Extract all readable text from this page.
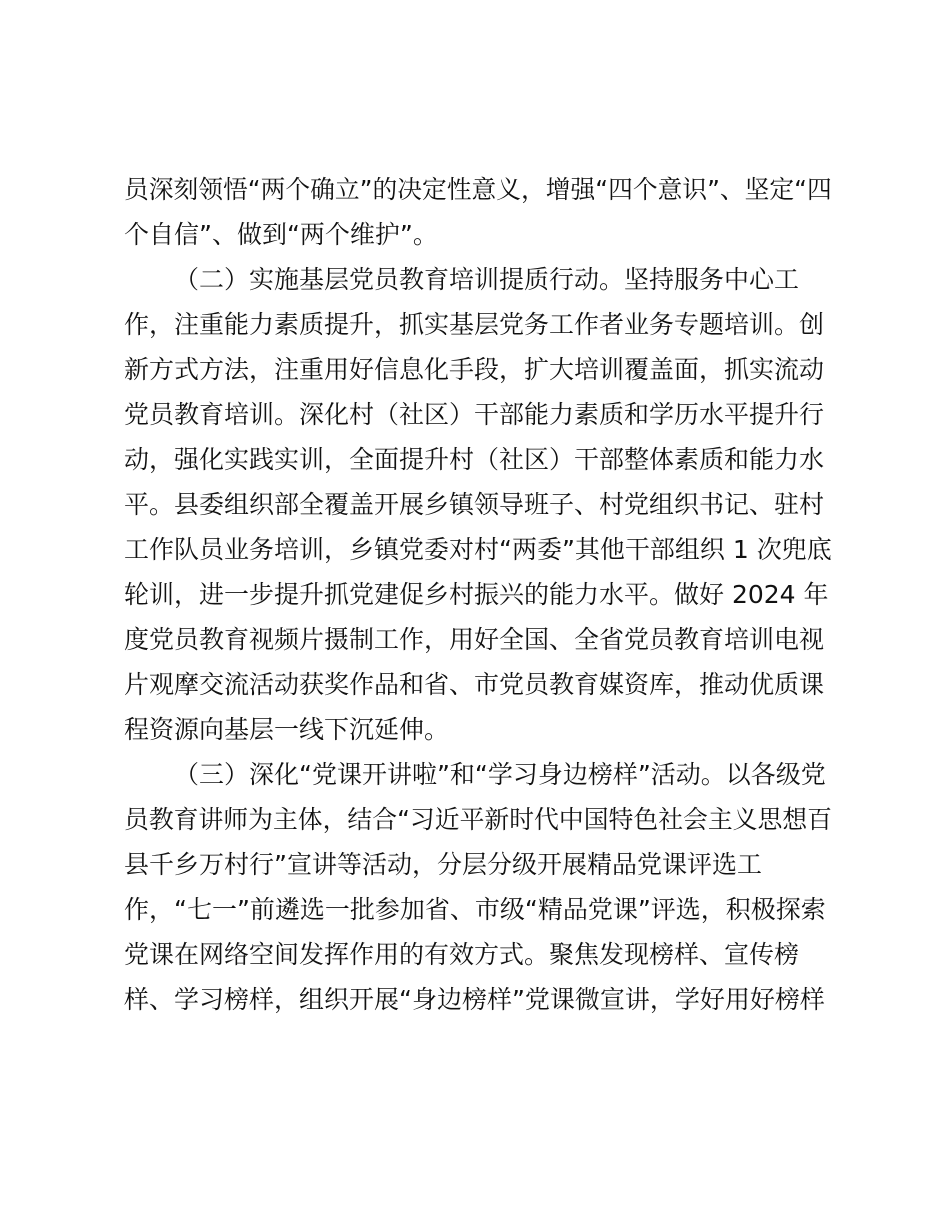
员深刻领悟“两个确立”的决定性意义，增强“四个意识”、坚定“四
个自信”、做到“两个维护”。
（二）实施基层党员教育培训提质行动。坚持服务中心工
作，注重能力素质提升，抓实基层党务工作者业务专题培训。创
新方式方法，注重用好信息化手段，扩大培训覆盖面，抓实流动
党员教育培训。深化村（社区）干部能力素质和学历水平提升行
动，强化实践实训，全面提升村（社区）干部整体素质和能力水
平。县委组织部全覆盖开展乡镇领导班子、村党组织书记、驻村
工作队员业务培训，乡镇党委对村“两委”其他干部组织 1 次兜底
轮训，进一步提升抓党建促乡村振兴的能力水平。做好 2024 年
度党员教育视频片摄制工作，用好全国、全省党员教育培训电视
片观摩交流活动获奖作品和省、市党员教育媒资库，推动优质课
程资源向基层一线下沉延伸。
（三）深化“党课开讲啦”和“学习身边榜样”活动。以各级党
员教育讲师为主体，结合“习近平新时代中国特色社会主义思想百
县千乡万村行”宣讲等活动，分层分级开展精品党课评选工
作，“七一”前遴选一批参加省、市级“精品党课”评选，积极探索
党课在网络空间发挥作用的有效方式。聚焦发现榜样、宣传榜
样、学习榜样，组织开展“身边榜样”党课微宣讲，学好用好榜样
